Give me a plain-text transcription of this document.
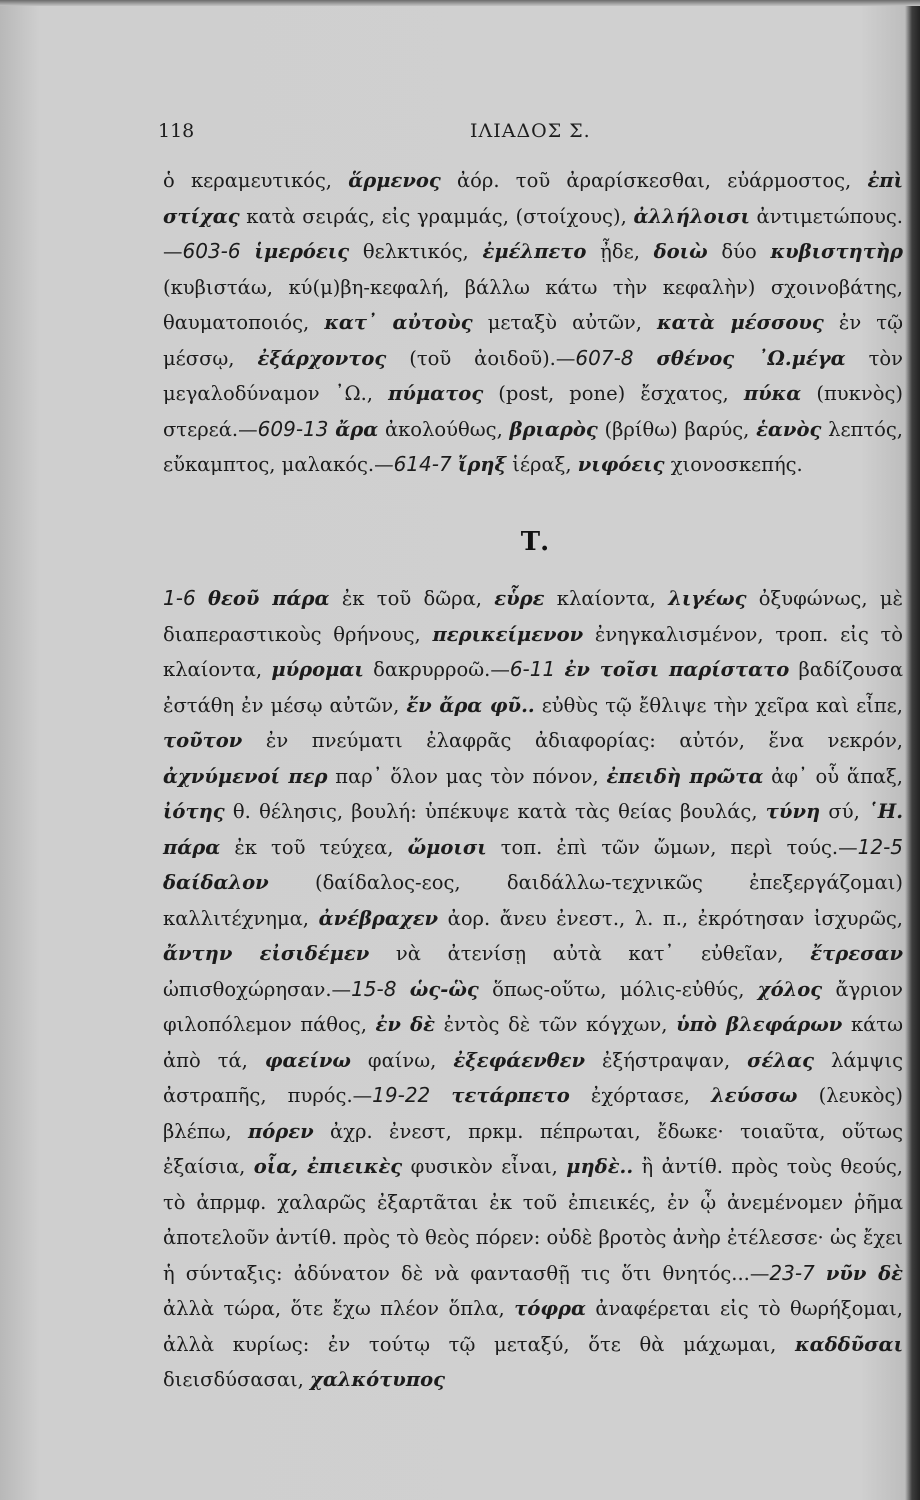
118	ΙΛΙΑΔΟΣ Σ.
ὁ κεραμευτικός, ἅρμενος ἀόρ. τοῦ ἀραρίσκεσθαι, εὐάρμοστος, ἐπὶ στίχας κατὰ σειράς, εἰς γραμμάς, (στοίχους), ἀλλήλοισι ἀντιμετώπους.—603-6 ἱμερόεις θελκτικός, ἐμέλπετο ᾖδε, δοιὼ δύο κυβιστητὴρ (κυβιστάω, κύ(μ)βη-κεφαλή, βάλλω κάτω τὴν κεφαλὴν) σχοινοβάτης, θαυματοποιός, κατ᾽ αὐτοὺς μεταξὺ αὐτῶν, κατὰ μέσσους ἐν τῷ μέσσῳ, ἐξάρχοντος (τοῦ ἀοιδοῦ).—607-8 σθένος ᾽Ω.μέγα τὸν μεγαλοδύναμον ᾽Ω., πύματος (post, pone) ἔσχατος, πύκα (πυκνὸς) στερεά.—609-13 ἄρα ἀκολούθως, βριαρὸς (βρίθω) βαρύς, ἑανὸς λεπτός, εὔκαμπτος, μαλακός.—614-7 ἴρηξ ἱέραξ, νιφόεις χιονοσκεπής.
Τ.
1-6 θεοῦ πάρα ἐκ τοῦ δῶρα, εὗρε κλαίοντα, λιγέως ὀξυφώνως, μὲ διαπεραστικοὺς θρήνους, περικείμενον ἐνηγκαλισμένον, τροπ. εἰς τὸ κλαίοντα, μύρομαι δακρυρροῶ.—6-11 ἐν τοῖσι παρίστατο βαδίζουσα ἐστάθη ἐν μέσῳ αὐτῶν, ἔν ἄρα φῦ.. εὐθὺς τῷ ἔθλιψε τὴν χεῖρα καὶ εἶπε, τοῦτον ἐν πνεύματι ἐλαφρᾶς ἀδιαφορίας: αὐτόν, ἕνα νεκρόν, ἀχνύμενοί περ παρ᾽ ὅλον μας τὸν πόνον, ἐπειδὴ πρῶτα ἀφ᾽ οὗ ἅπαξ, ἰότης θ. θέλησις, βουλή: ὑπέκυψε κατὰ τὰς θείας βουλάς, τύνη σύ, ῾Η. πάρα ἐκ τοῦ τεύχεα, ὤμοισι τοπ. ἐπὶ τῶν ὤμων, περὶ τούς.—12-5 δαίδαλον (δαίδαλος-εος, δαιδάλλω-τεχνικῶς ἐπεξεργάζομαι) καλλιτέχνημα, ἀνέβραχεν ἀορ. ἄνευ ἐνεστ., λ. π., ἐκρότησαν ἰσχυρῶς, ἄντην εἰσιδέμεν νὰ ἀτενίσῃ αὐτὰ κατ᾽ εὐθεῖαν, ἔτρεσαν ὠπισθοχώρησαν.—15-8 ὡς-ὣς ὅπως-οὕτω, μόλις-εὐθύς, χόλος ἄγριον φιλοπόλεμον πάθος, ἐν δὲ ἐντὸς δὲ τῶν κόγχων, ὑπὸ βλεφάρων κάτω ἀπὸ τά, φαείνω φαίνω, ἐξεφάενθεν ἐξήστραψαν, σέλας λάμψις ἀστραπῆς, πυρός.—19-22 τετάρπετο ἐχόρτασε, λεύσσω (λευκὸς) βλέπω, πόρεν ἀχρ. ἐνεστ, πρκμ. πέπρωται, ἔδωκε· τοιαῦτα, οὕτως ἐξαίσια, οἷα, ἐπιεικὲς φυσικὸν εἶναι, μηδὲ.. ἢ ἀντίθ. πρὸς τοὺς θεούς, τὸ ἀπρμφ. χαλαρῶς ἐξαρτᾶται ἐκ τοῦ ἐπιεικές, ἐν ᾧ ἀνεμένομεν ῥῆμα ἀποτελοῦν ἀντίθ. πρὸς τὸ θεὸς πόρεν: οὐδὲ βροτὸς ἀνὴρ ἐτέλεσσε· ὡς ἔχει ἡ σύνταξις: ἀδύνατον δὲ νὰ φαντασθῇ τις ὅτι θνητός...—23-7 νῦν δὲ ἀλλὰ τώρα, ὅτε ἔχω πλέον ὅπλα, τόφρα ἀναφέρεται εἰς τὸ θωρήξομαι, ἀλλὰ κυρίως: ἐν τούτῳ τῷ μεταξύ, ὅτε θὰ μάχωμαι, καδδῦσαι διεισδύσασαι, χαλκότυπος
